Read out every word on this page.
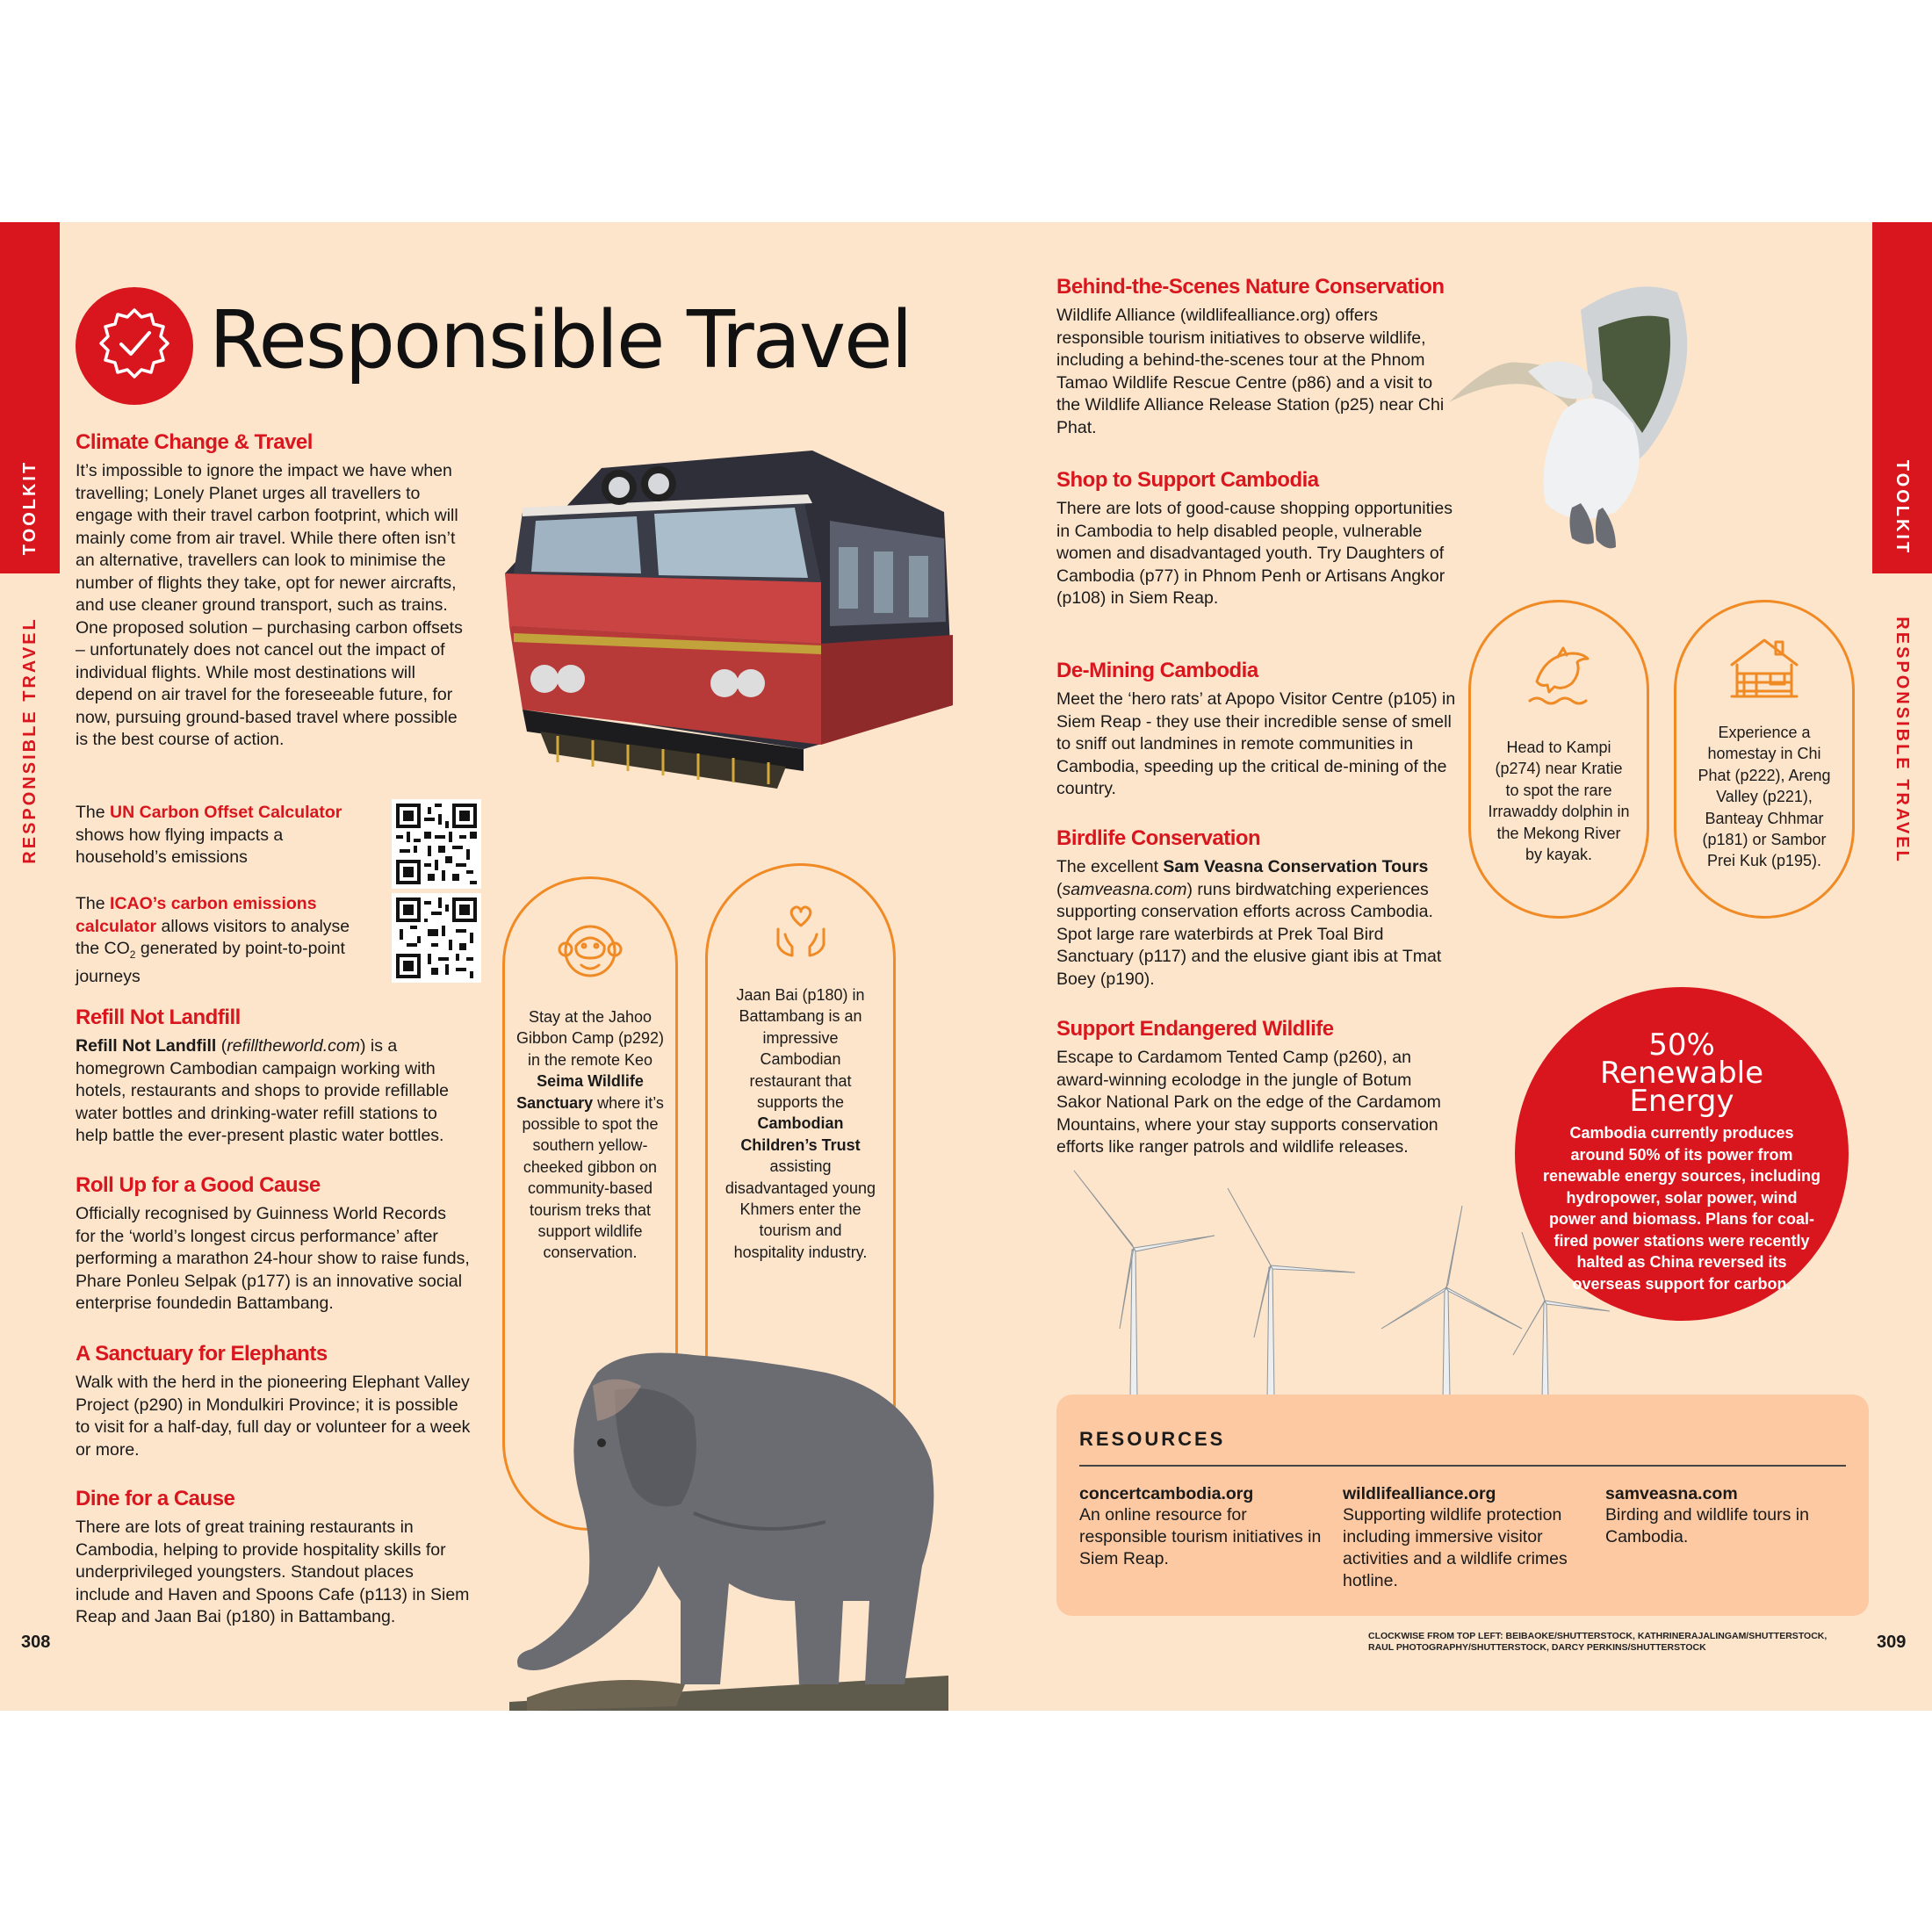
TOOLKIT
RESPONSIBLE TRAVEL
TOOLKIT
RESPONSIBLE TRAVEL
Responsible Travel
Climate Change & Travel

It’s impossible to ignore the impact we have when travelling; Lonely Planet urges all travellers to engage with their travel carbon footprint, which will mainly come from air travel. While there often isn’t an alternative, travellers can look to minimise the number of flights they take, opt for newer aircrafts, and use cleaner ground transport, such as trains. One proposed solution – purchasing carbon offsets – unfortunately does not cancel out the impact of individual flights. While most destinations will depend on air travel for the foreseeable future, for now, pursuing ground-based travel where possible is the best course of action.

The UN Carbon Offset Calculator shows how flying impacts a household’s emissions

The ICAO’s carbon emissions calculator allows visitors to analyse the $CO_2$ generated by point-to-point journeys

Refill Not Landfill

Refill Not Landfill (refilltheworld.com) is a homegrown Cambodian campaign working with hotels, restaurants and shops to provide refillable water bottles and drinking-water refill stations to help battle the ever-present plastic water bottles.

Roll Up for a Good Cause

Officially recognised by Guinness World Records for the ‘world’s longest circus performance’ after performing a marathon 24-hour show to raise funds, Phare Ponleu Selpak (p177) is an innovative social enterprise foundedin Battambang.

A Sanctuary for Elephants

Walk with the herd in the pioneering Elephant Valley Project (p290) in Mondulkiri Province; it is possible to visit for a half-day, full day or volunteer for a week or more.

Dine for a Cause

There are lots of great training restaurants in Cambodia, helping to provide hospitality skills for underprivileged youngsters. Standout places include and Haven and Spoons Cafe (p113) in Siem Reap and Jaan Bai (p180) in Battambang.

Stay at the Jahoo Gibbon Camp (p292) in the remote Keo Seima Wildlife Sanctuary where it’s possible to spot the southern yellow-cheeked gibbon on community-based tourism treks that support wildlife conservation.

Jaan Bai (p180) in Battambang is an impressive Cambodian restaurant that supports the Cambodian Children’s Trust assisting disadvantaged young Khmers enter the tourism and hospitality industry.

Behind-the-Scenes Nature Conservation

Wildlife Alliance (wildlifealliance.org) offers responsible tourism initiatives to observe wildlife, including a behind-the-scenes tour at the Phnom Tamao Wildlife Rescue Centre (p86) and a visit to the Wildlife Alliance Release Station (p25) near Chi Phat.

Shop to Support Cambodia

There are lots of good-cause shopping opportunities in Cambodia to help disabled people, vulnerable women and disadvantaged youth. Try Daughters of Cambodia (p77) in Phnom Penh or Artisans Angkor (p108) in Siem Reap.

De-Mining Cambodia

Meet the ‘hero rats’ at Apopo Visitor Centre (p105) in Siem Reap - they use their incredible sense of smell to sniff out landmines in remote communities in Cambodia, speeding up the critical de-mining of the country.

Birdlife Conservation

The excellent Sam Veasna Conservation Tours (samveasna.com) runs birdwatching experiences supporting conservation efforts across Cambodia. Spot large rare waterbirds at Prek Toal Bird Sanctuary (p117) and the elusive giant ibis at Tmat Boey (p190).

Support Endangered Wildlife

Escape to Cardamom Tented Camp (p260), an award-winning ecolodge in the jungle of Botum Sakor National Park on the edge of the Cardamom Mountains, where your stay supports conservation efforts like ranger patrols and wildlife releases.

Head to Kampi (p274) near Kratie to spot the rare Irrawaddy dolphin in the Mekong River by kayak.

Experience a homestay in Chi Phat (p222), Areng Valley (p221), Banteay Chhmar (p181) or Sambor Prei Kuk (p195).

50%
Renewable
Energy

Cambodia currently produces around 50% of its power from renewable energy sources, including hydropower, solar power, wind power and biomass. Plans for coal-fired power stations were recently halted as China reversed its overseas support for carbon.

RESOURCES
concertcambodia.org

An online resource for responsible tourism initiatives in Siem Reap.

wildlifealliance.org

Supporting wildlife protection including immersive visitor activities and a wildlife crimes hotline.

samveasna.com

Birding and wildlife tours in Cambodia.

CLOCKWISE FROM TOP LEFT: BEIBAOKE/SHUTTERSTOCK, KATHRINERAJALINGAM/SHUTTERSTOCK,
RAUL PHOTOGRAPHY/SHUTTERSTOCK, DARCY PERKINS/SHUTTERSTOCK
308	309
